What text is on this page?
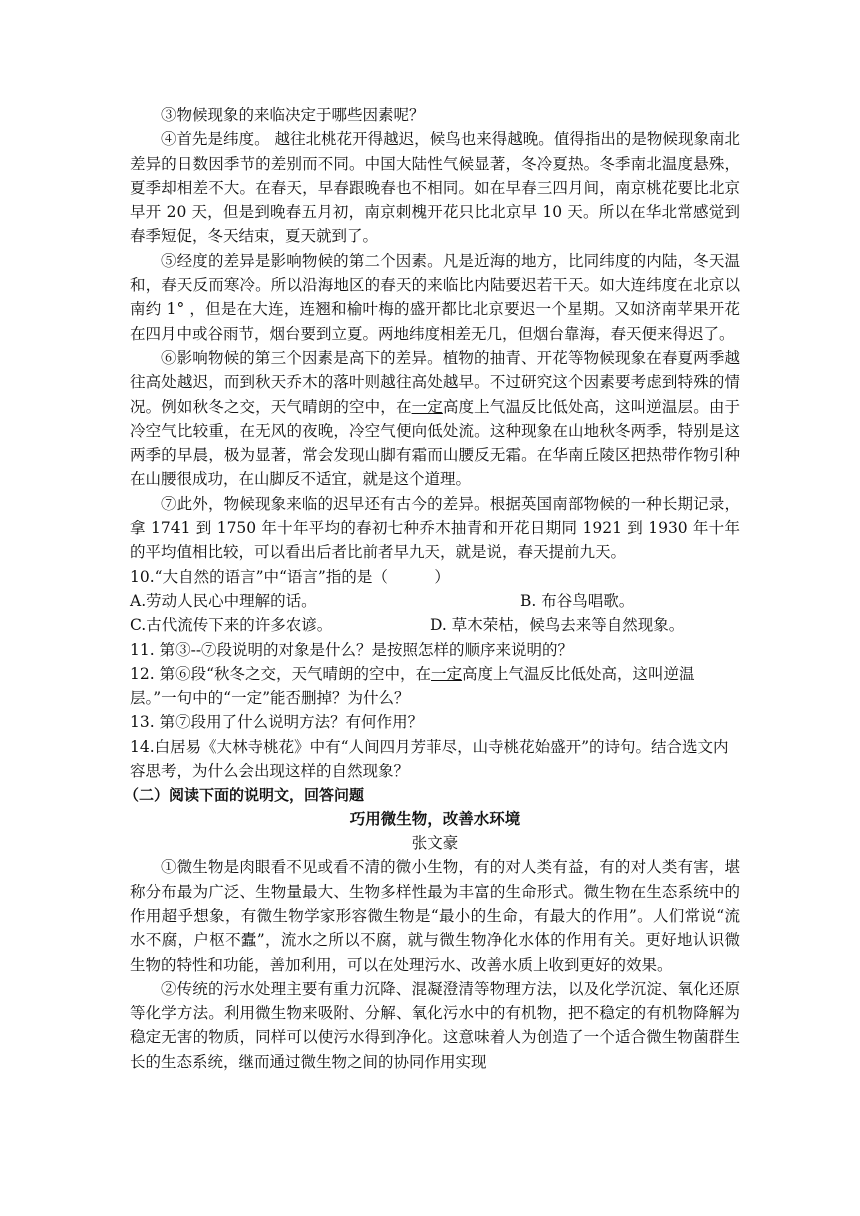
③物候现象的来临决定于哪些因素呢？

④首先是纬度。 越往北桃花开得越迟，候鸟也来得越晚。值得指出的是物候现象南北差异的日数因季节的差别而不同。中国大陆性气候显著，冬冷夏热。冬季南北温度悬殊，夏季却相差不大。在春天，早春跟晚春也不相同。如在早春三四月间，南京桃花要比北京早开 20 天，但是到晚春五月初，南京刺槐开花只比北京早 10 天。所以在华北常感觉到春季短促，冬天结束，夏天就到了。

⑤经度的差异是影响物候的第二个因素。凡是近海的地方，比同纬度的内陆，冬天温和，春天反而寒冷。所以沿海地区的春天的来临比内陆要迟若干天。如大连纬度在北京以南约 1° ，但是在大连，连翘和榆叶梅的盛开都比北京要迟一个星期。又如济南苹果开花在四月中或谷雨节，烟台要到立夏。两地纬度相差无几，但烟台靠海，春天便来得迟了。

⑥影响物候的第三个因素是高下的差异。植物的抽青、开花等物候现象在春夏两季越往高处越迟，而到秋天乔木的落叶则越往高处越早。不过研究这个因素要考虑到特殊的情况。例如秋冬之交，天气晴朗的空中，在一定高度上气温反比低处高，这叫逆温层。由于冷空气比较重，在无风的夜晚，冷空气便向低处流。这种现象在山地秋冬两季，特别是这两季的早晨，极为显著，常会发现山脚有霜而山腰反无霜。在华南丘陵区把热带作物引种在山腰很成功，在山脚反不适宜，就是这个道理。

⑦此外，物候现象来临的迟早还有古今的差异。根据英国南部物候的一种长期记录，拿 1741 到 1750 年十年平均的春初七种乔木抽青和开花日期同 1921 到 1930 年十年的平均值相比较，可以看出后者比前者早九天，就是说，春天提前九天。

10.“大自然的语言”中“语言”指的是（　　　）

A.劳动人民心中理解的话。	B. 布谷鸟唱歌。
C.古代流传下来的许多农谚。	D. 草木荣枯，候鸟去来等自然现象。

11. 第③--⑦段说明的对象是什么？是按照怎样的顺序来说明的？

12. 第⑥段“秋冬之交，天气晴朗的空中，在一定高度上气温反比低处高，这叫逆温层。”一句中的“一定”能否删掉？为什么？

13. 第⑦段用了什么说明方法？有何作用？

14.白居易《大林寺桃花》中有“人间四月芳菲尽，山寺桃花始盛开”的诗句。结合选文内容思考，为什么会出现这样的自然现象？

（二）阅读下面的说明文，回答问题

巧用微生物，改善水环境

张文豪

①微生物是肉眼看不见或看不清的微小生物，有的对人类有益，有的对人类有害，堪称分布最为广泛、生物量最大、生物多样性最为丰富的生命形式。微生物在生态系统中的作用超乎想象，有微生物学家形容微生物是“最小的生命，有最大的作用”。人们常说“流水不腐，户枢不蠹”，流水之所以不腐，就与微生物净化水体的作用有关。更好地认识微生物的特性和功能，善加利用，可以在处理污水、改善水质上收到更好的效果。

②传统的污水处理主要有重力沉降、混凝澄清等物理方法，以及化学沉淀、氧化还原等化学方法。利用微生物来吸附、分解、氧化污水中的有机物，把不稳定的有机物降解为稳定无害的物质，同样可以使污水得到净化。这意味着人为创造了一个适合微生物菌群生长的生态系统，继而通过微生物之间的协同作用实现
